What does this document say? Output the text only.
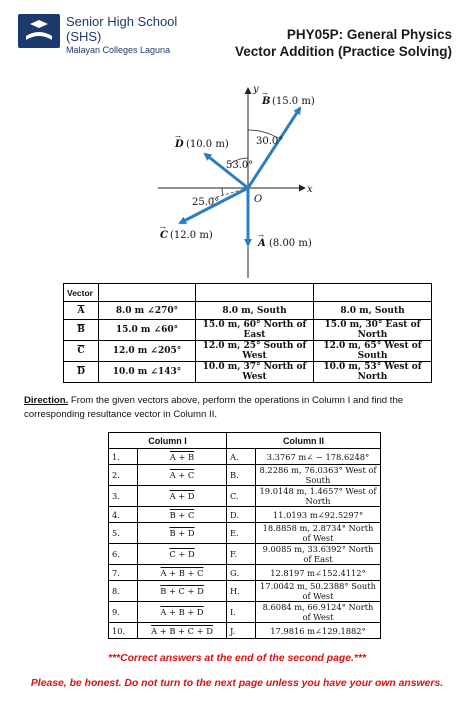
Senior High School
(SHS)
Malayan Colleges Laguna
PHY05P: General Physics
Vector Addition (Practice Solving)
y
x
O
B
→
(15.0 m)
D
→
(10.0 m)
C
→
(12.0 m)
A
→
(8.00 m)
30.0°
53.0°
25.0°
Vector			
$\overline{A}$	8.0 m ∠270°	8.0 m, South	8.0 m, South
$\overline{B}$	15.0 m ∠60°	15.0 m, 60° North of East	15.0 m, 30° East of North
$\overline{C}$	12.0 m ∠205°	12.0 m, 25° South of West	12.0 m, 65° West of South
$\overline{D}$	10.0 m ∠143°	10.0 m, 37° North of West	10.0 m, 53° West of North
Direction. From the given vectors above, perform the operations in Column I and find the corresponding resultance vector in Column II.
Column I		Column II	
1.	A + B	A.	3.3767 m∠ − 178.6248°
2.	A + C	B.	8.2286 m, 76.0363° West of South
3.	A + D	C.	19.0148 m, 1.4657° West of North
4.	B + C	D.	11.0193 m∠92.5297°
5.	B + D	E.	18.8858 m, 2.8734° North of West
6.	C + D	F.	9.0085 m, 33.6392° North of East
7.	A + B + C	G.	12.8197 m∠152.4112°
8.	B + C + D	H.	17.0042 m, 50.2388° South of West
9.	A + B + D	I.	8.6084 m, 66.9124° North of West
10.	A + B + C + D	J.	17.9816 m∠129.1882°
***Correct answers at the end of the second page.***
Please, be honest. Do not turn to the next page unless you have your own answers.
